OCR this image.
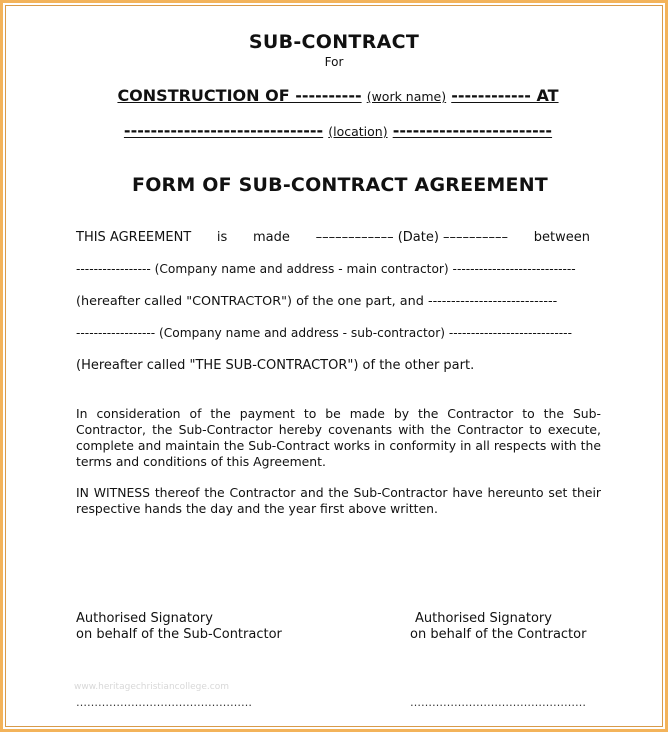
SUB-CONTRACT
For
CONSTRUCTION OF ---------- (work name) ------------ AT
------------------------------ (location) ------------------------
FORM OF SUB-CONTRACT AGREEMENT
THIS AGREEMENT is made –––––––––––– (Date) –––––––––– between
----------------- (Company name and address - main contractor) ----------------------------
(hereafter called "CONTRACTOR") of the one part, and ----------------------------
------------------ (Company name and address - sub-contractor) ----------------------------
(Hereafter called "THE SUB-CONTRACTOR") of the other part.
In consideration of the payment to be made by the Contractor to the Sub-Contractor, the Sub-Contractor hereby covenants with the Contractor to execute, complete and maintain the Sub-Contract works in conformity in all respects with the terms and conditions of this Agreement.
IN WITNESS thereof the Contractor and the Sub-Contractor have hereunto set their respective hands the day and the year first above written.
Authorised Signatory
on behalf of the Sub-Contractor
Authorised Signatory
on behalf of the Contractor
www.heritagechristiancollege.com
…………………………………………	…………………………………………
